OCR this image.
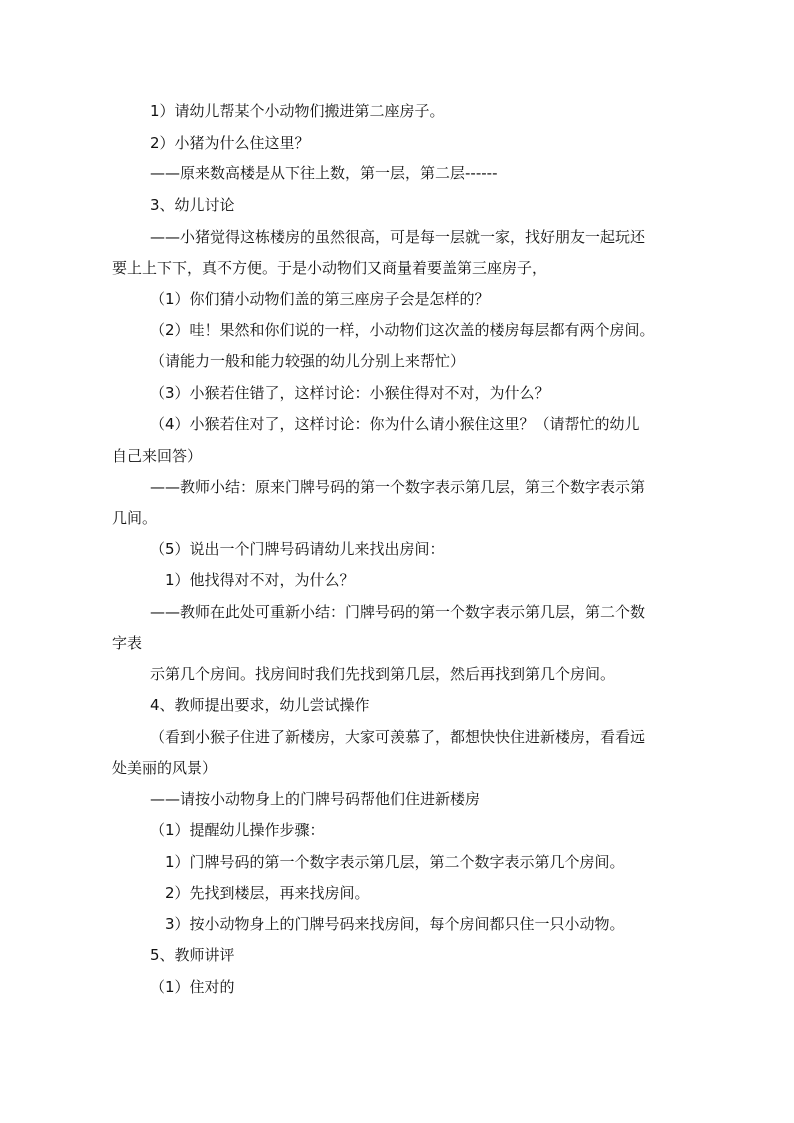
1）请幼儿帮某个小动物们搬进第二座房子。

2）小猪为什么住这里？

——原来数高楼是从下往上数，第一层，第二层------

3、幼儿讨论

——小猪觉得这栋楼房的虽然很高，可是每一层就一家，找好朋友一起玩还

要上上下下，真不方便。于是小动物们又商量着要盖第三座房子，

（1）你们猜小动物们盖的第三座房子会是怎样的？

（2）哇！果然和你们说的一样，小动物们这次盖的楼房每层都有两个房间。

（请能力一般和能力较强的幼儿分别上来帮忙）

（3）小猴若住错了，这样讨论：小猴住得对不对，为什么？

（4）小猴若住对了，这样讨论：你为什么请小猴住这里？（请帮忙的幼儿

自己来回答）

——教师小结：原来门牌号码的第一个数字表示第几层，第三个数字表示第

几间。

（5）说出一个门牌号码请幼儿来找出房间：

1）他找得对不对，为什么？

——教师在此处可重新小结：门牌号码的第一个数字表示第几层，第二个数

字表

示第几个房间。找房间时我们先找到第几层，然后再找到第几个房间。

4、教师提出要求，幼儿尝试操作

（看到小猴子住进了新楼房，大家可羡慕了，都想快快住进新楼房，看看远

处美丽的风景）

——请按小动物身上的门牌号码帮他们住进新楼房

（1）提醒幼儿操作步骤：

1）门牌号码的第一个数字表示第几层，第二个数字表示第几个房间。

2）先找到楼层，再来找房间。

3）按小动物身上的门牌号码来找房间，每个房间都只住一只小动物。

5、教师讲评

（1）住对的
